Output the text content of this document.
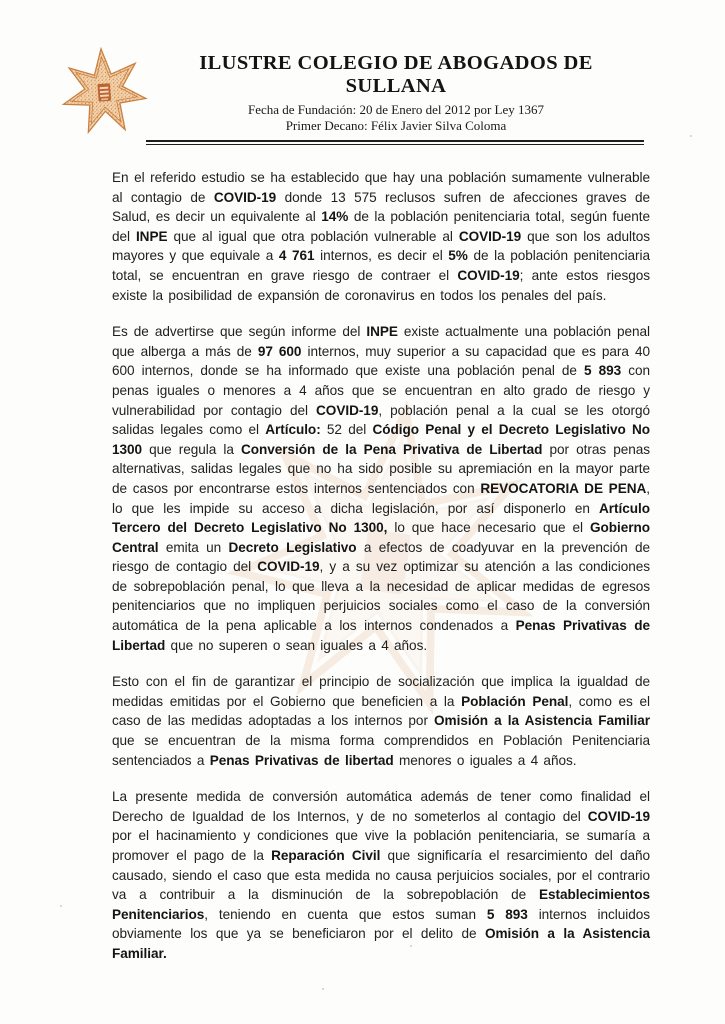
ILUSTRE COLEGIO DE ABOGADOS DE
SULLANA
Fecha de Fundación: 20 de Enero del 2012 por Ley 1367
Primer Decano: Félix Javier Silva Coloma

En el referido estudio se ha establecido que hay una población sumamente vulnerable al contagio de COVID-19 donde 13 575 reclusos sufren de afecciones graves de Salud, es decir un equivalente al 14% de la población penitenciaria total, según fuente del INPE que al igual que otra población vulnerable al COVID-19 que son los adultos mayores y que equivale a 4 761 internos, es decir el 5% de la población penitenciaria total, se encuentran en grave riesgo de contraer el COVID-19; ante estos riesgos existe la posibilidad de expansión de coronavirus en todos los penales del país.

Es de advertirse que según informe del INPE existe actualmente una población penal que alberga a más de 97 600 internos, muy superior a su capacidad que es para 40 600 internos, donde se ha informado que existe una población penal de 5 893 con penas iguales o menores a 4 años que se encuentran en alto grado de riesgo y vulnerabilidad por contagio del COVID-19, población penal a la cual se les otorgó salidas legales como el Artículo: 52 del Código Penal y el Decreto Legislativo No 1300 que regula la Conversión de la Pena Privativa de Libertad por otras penas alternativas, salidas legales que no ha sido posible su apremiación en la mayor parte de casos por encontrarse estos internos sentenciados con REVOCATORIA DE PENA, lo que les impide su acceso a dicha legislación, por así disponerlo en Artículo Tercero del Decreto Legislativo No 1300, lo que hace necesario que el Gobierno Central emita un Decreto Legislativo a efectos de coadyuvar en la prevención de riesgo de contagio del COVID-19, y a su vez optimizar su atención a las condiciones de sobrepoblación penal, lo que lleva a la necesidad de aplicar medidas de egresos penitenciarios que no impliquen perjuicios sociales como el caso de la conversión automática de la pena aplicable a los internos condenados a Penas Privativas de Libertad que no superen o sean iguales a 4 años.

Esto con el fin de garantizar el principio de socialización que implica la igualdad de medidas emitidas por el Gobierno que beneficien a la Población Penal, como es el caso de las medidas adoptadas a los internos por Omisión a la Asistencia Familiar que se encuentran de la misma forma comprendidos en Población Penitenciaria sentenciados a Penas Privativas de libertad menores o iguales a 4 años.

La presente medida de conversión automática además de tener como finalidad el Derecho de Igualdad de los Internos, y de no someterlos al contagio del COVID-19 por el hacinamiento y condiciones que vive la población penitenciaria, se sumaría a promover el pago de la Reparación Civil que significaría el resarcimiento del daño causado, siendo el caso que esta medida no causa perjuicios sociales, por el contrario va a contribuir a la disminución de la sobrepoblación de Establecimientos Penitenciarios, teniendo en cuenta que estos suman 5 893 internos incluidos obviamente los que ya se beneficiaron por el delito de Omisión a la Asistencia Familiar.
